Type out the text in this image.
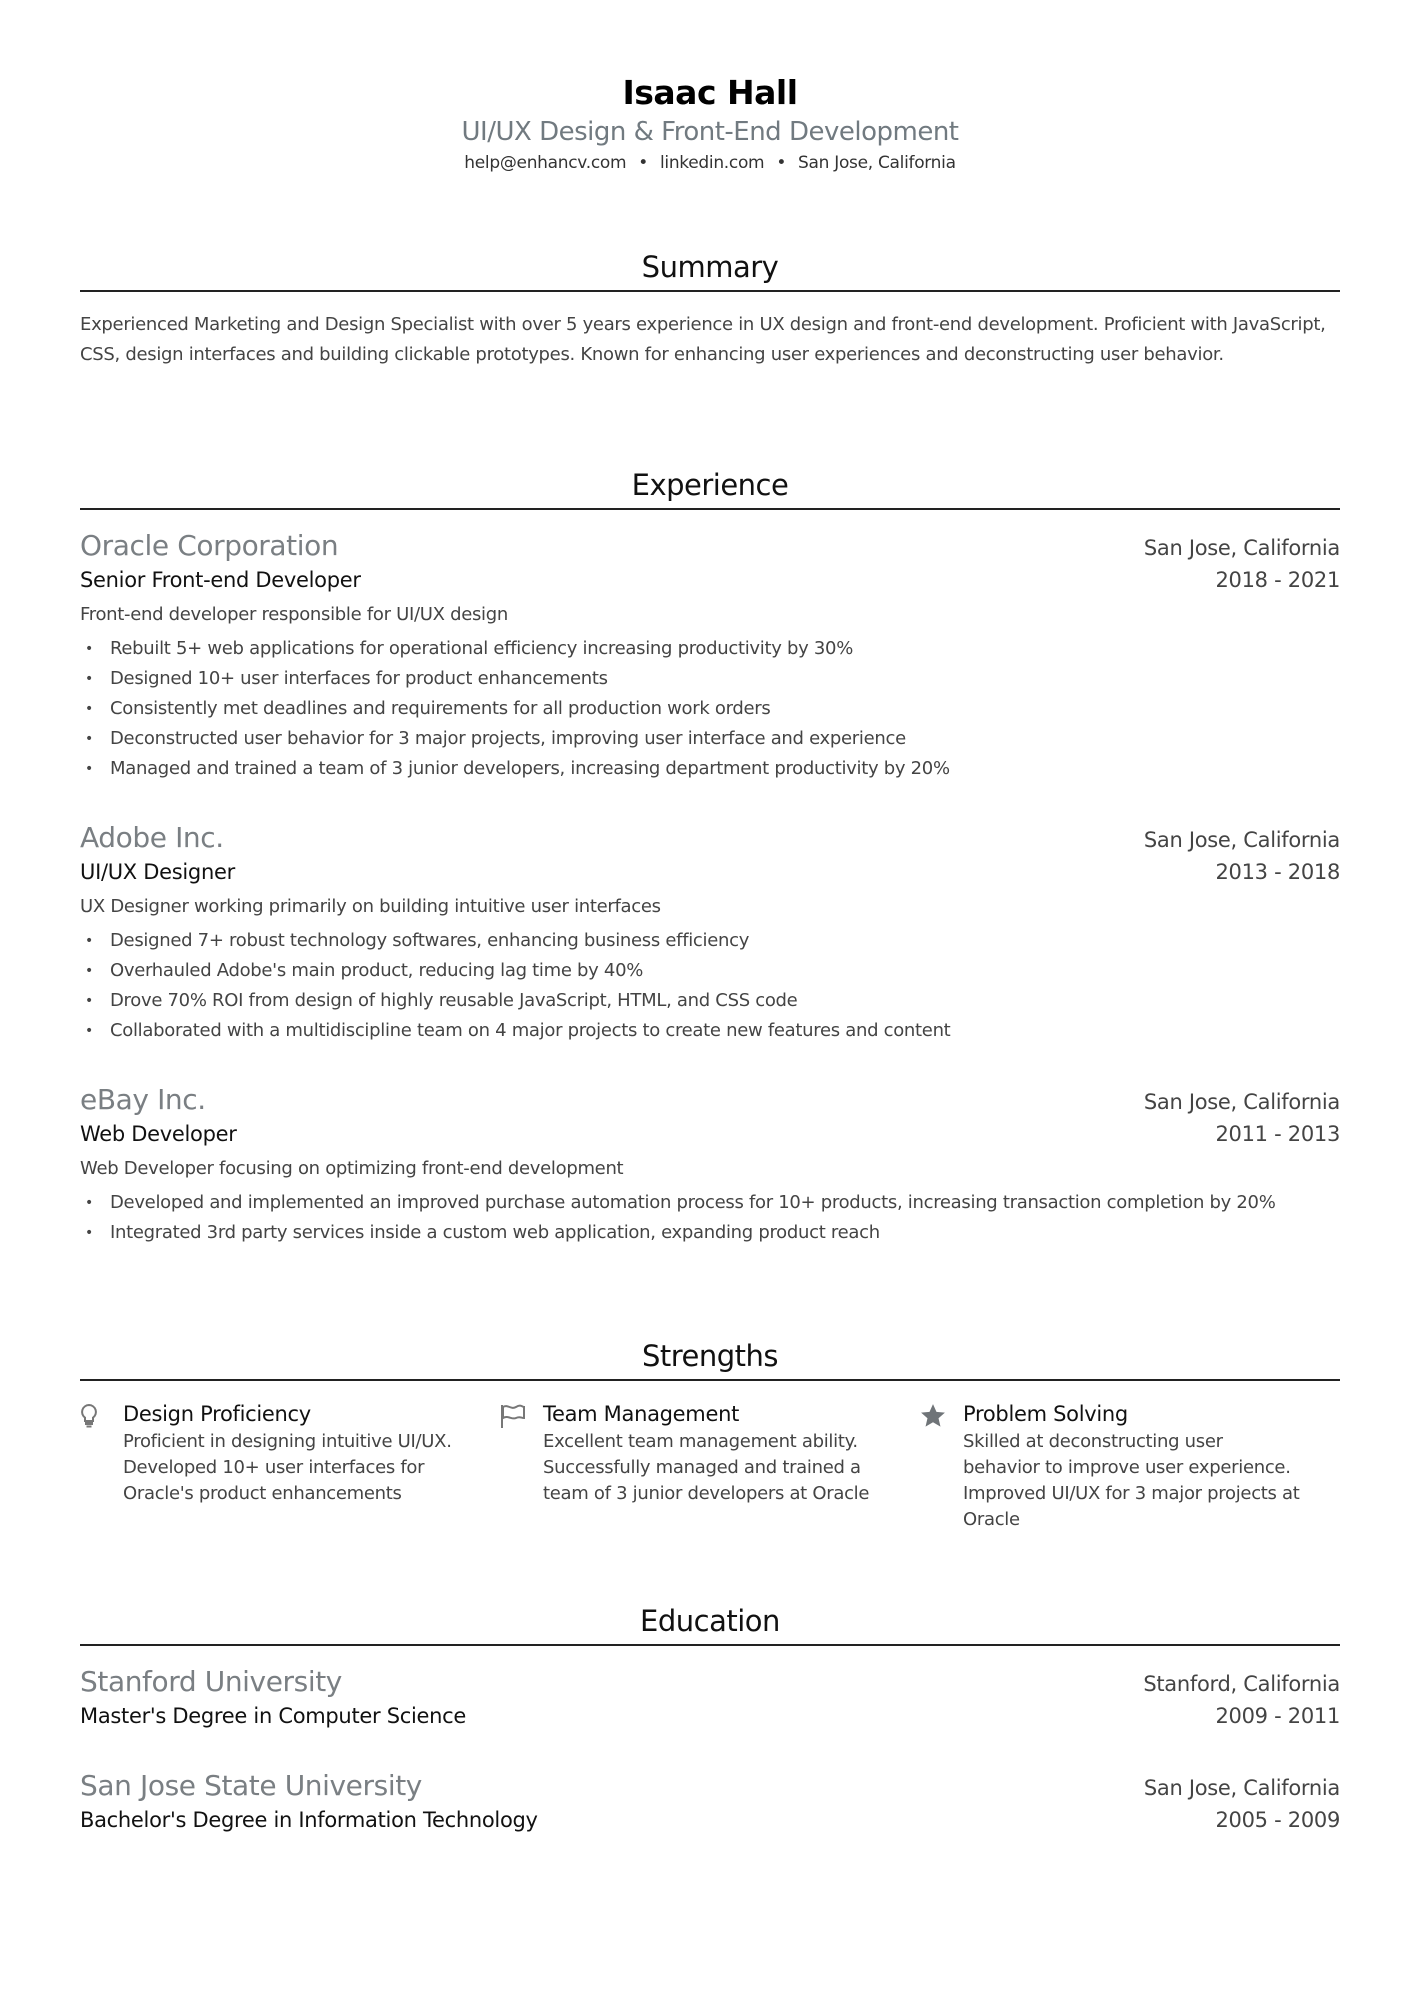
Isaac Hall
UI/UX Design & Front-End Development
help@enhancv.com • linkedin.com • San Jose, California
Summary
Experienced Marketing and Design Specialist with over 5 years experience in UX design and front-end development. Proficient with JavaScript, CSS, design interfaces and building clickable prototypes. Known for enhancing user experiences and deconstructing user behavior.
Experience
Oracle Corporation	San Jose, California
Senior Front-end Developer	2018 - 2021
Front-end developer responsible for UI/UX design
• Rebuilt 5+ web applications for operational efficiency increasing productivity by 30%
• Designed 10+ user interfaces for product enhancements
• Consistently met deadlines and requirements for all production work orders
• Deconstructed user behavior for 3 major projects, improving user interface and experience
• Managed and trained a team of 3 junior developers, increasing department productivity by 20%
Adobe Inc.	San Jose, California
UI/UX Designer	2013 - 2018
UX Designer working primarily on building intuitive user interfaces
• Designed 7+ robust technology softwares, enhancing business efficiency
• Overhauled Adobe's main product, reducing lag time by 40%
• Drove 70% ROI from design of highly reusable JavaScript, HTML, and CSS code
• Collaborated with a multidiscipline team on 4 major projects to create new features and content
eBay Inc.	San Jose, California
Web Developer	2011 - 2013
Web Developer focusing on optimizing front-end development
• Developed and implemented an improved purchase automation process for 10+ products, increasing transaction completion by 20%
• Integrated 3rd party services inside a custom web application, expanding product reach
Strengths
Design Proficiency
Proficient in designing intuitive UI/UX. Developed 10+ user interfaces for Oracle's product enhancements
Team Management
Excellent team management ability. Successfully managed and trained a team of 3 junior developers at Oracle
Problem Solving
Skilled at deconstructing user behavior to improve user experience. Improved UI/UX for 3 major projects at Oracle
Education
Stanford University	Stanford, California
Master's Degree in Computer Science	2009 - 2011
San Jose State University	San Jose, California
Bachelor's Degree in Information Technology	2005 - 2009
